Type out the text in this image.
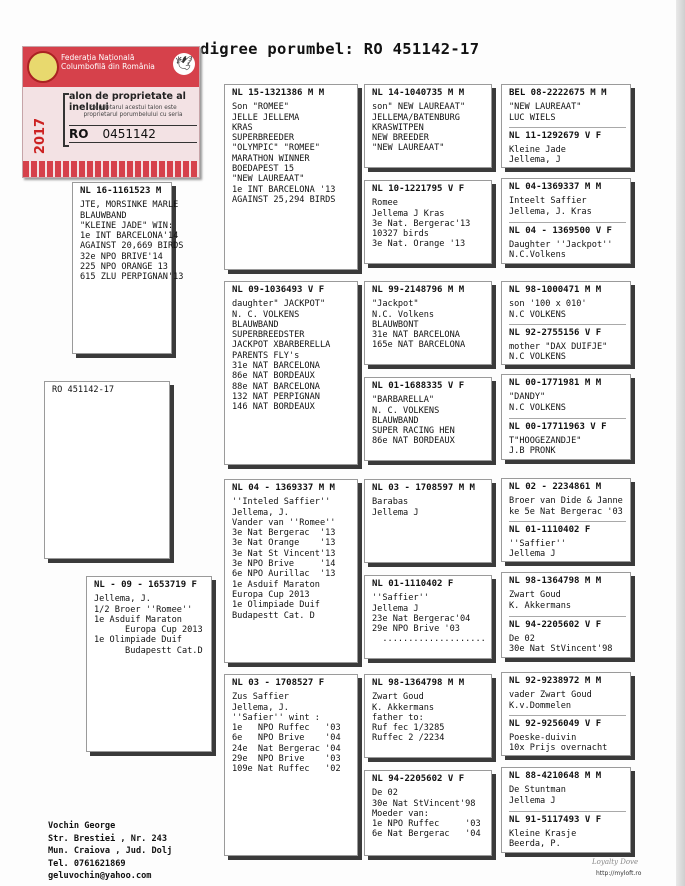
digree porumbel: RO 451142-17
Federația Națională
Columbofilă din România	🕊
2017
alon de proprietate al inelului
Proprietarul acestui talon este
proprietarul porumbelului cu seria
RO 0451142
RO 451142-17
NL 16-1161523 M
JTE, MORSINKE MARLE
BLAUWBAND
"KLEINE JADE" WIN:
1e INT BARCELONA'14
AGAINST 20,669 BIRDS
32e NPO BRIVE'14
225 NPO ORANGE 13
615 ZLU PERPIGNAN'13
NL - 09 - 1653719 F
Jellema, J.
1/2 Broer ''Romee''
1e Asduif Maraton
Europa Cup 2013
1e Olimpiade Duif
Budapestt Cat.D
NL 15-1321386 M M
Son "ROMEE"
JELLE JELLEMA
KRAS
SUPERBREEDER
"OLYMPIC" "ROMEE"
MARATHON WINNER
BOEDAPEST 15
"NEW LAUREAAT"
1e INT BARCELONA '13
AGAINST 25,294 BIRDS
NL 09-1036493 V F
daughter" JACKPOT"
N. C. VOLKENS
BLAUWBAND
SUPERBREEDSTER
JACKPOT XBARBERELLA
PARENTS FLY's
31e NAT BARCELONA
86e NAT BORDEAUX
88e NAT BARCELONA
132 NAT PERPIGNAN
146 NAT BORDEAUX
NL 04 - 1369337 M M
''Inteled Saffier''
Jellema, J.
Vander van ''Romee''
3e Nat Bergerac  '13
3e Nat Orange    '13
3e Nat St Vincent'13
3e NPO Brive     '14
6e NPO Aurillac  '13
1e Asduif Maraton
Europa Cup 2013
1e Olimpiade Duif
Budapestt Cat. D
NL 03 - 1708527 F
Zus Saffier
Jellema, J.
''Safier'' wint :
1e   NPO Ruffec   '03
6e   NPO Brive    '04
24e  Nat Bergerac '04
29e  NPO Brive    '03
109e Nat Ruffec   '02
NL 14-1040735 M M
son" NEW LAUREAAT"
JELLEMA/BATENBURG
KRASWITPEN
NEW BREEDER
"NEW LAUREAAT"
NL 10-1221795 V F
Romee
Jellema J Kras
3e Nat. Bergerac'13
10327 birds
3e Nat. Orange '13
NL 99-2148796 M M
"Jackpot"
N.C. Volkens
BLAUWBONT
31e NAT BARCELONA
165e NAT BARCELONA
NL 01-1688335 V F
"BARBARELLA"
N. C. VOLKENS
BLAUWBAND
SUPER RACING HEN
86e NAT BORDEAUX
NL 03 - 1708597 M M
Barabas
Jellema J
NL 01-1110402 F
''Saffier''
Jellema J
23e Nat Bergerac'04
29e NPO Brive '03
....................
NL 98-1364798 M M
Zwart Goud
K. Akkermans
father to:
Ruf fec 1/3285
Ruffec 2 /2234
NL 94-2205602 V F
De 02
30e Nat StVincent'98
Moeder van:
1e NPO Ruffec     '03
6e Nat Bergerac   '04
BEL 08-2222675 M M
"NEW LAUREAAT"
LUC WIELS
NL 11-1292679 V F
Kleine Jade
Jellema, J
NL 04-1369337 M M
Inteelt Saffier
Jellema, J. Kras
NL 04 - 1369500 V F
Daughter ''Jackpot''
N.C.Volkens
NL 98-1000471 M M
son '100 x 010'
N.C VOLKENS
NL 92-2755156 V F
mother "DAX DUIFJE"
N.C VOLKENS
NL 00-1771981 M M
"DANDY"
N.C VOLKENS
NL 00-17711963 V F
T"HOOGEZANDJE"
J.B PRONK
NL 02 - 2234861 M
Broer van Dide & Janne
ke 5e Nat Bergerac '03
NL 01-1110402 F
''Saffier''
Jellema J
NL 98-1364798 M M
Zwart Goud
K. Akkermans
NL 94-2205602 V F
De 02
30e Nat StVincent'98
NL 92-9238972 M M
vader Zwart Goud
K.v.Dommelen
NL 92-9256049 V F
Poeske-duivin
10x Prijs overnacht
NL 88-4210648 M M
De Stuntman
Jellema J
NL 91-5117493 V F
Kleine Krasje
Beerda, P.
Vochin George
Str. Brestiei , Nr. 243
Mun. Craiova , Jud. Dolj
Tel. 0761621869
geluvochin@yahoo.com
Loyalty Dove
http://myloft.ro
